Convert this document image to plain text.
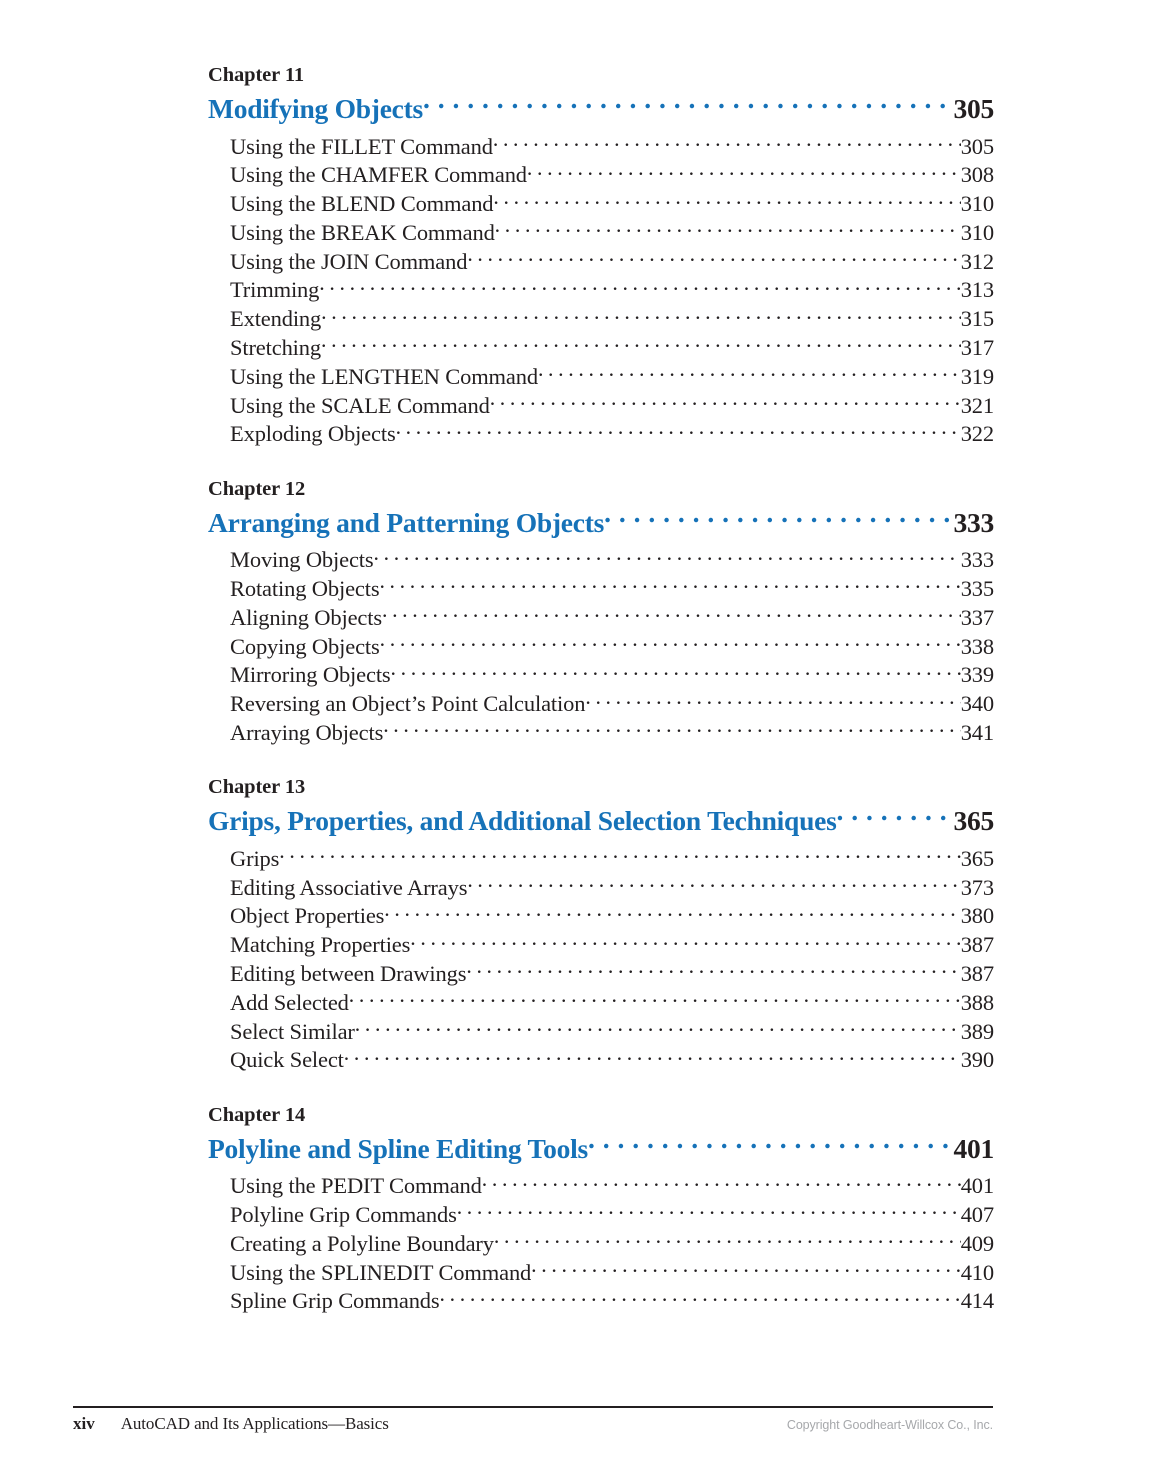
Chapter 11
Modifying Objects . . .	305
Using the FILLET Command . . .	305
Using the CHAMFER Command . . .	308
Using the BLEND Command . . .	310
Using the BREAK Command . . .	310
Using the JOIN Command . . .	312
Trimming . . .	313
Extending . . .	315
Stretching . . .	317
Using the LENGTHEN Command . . .	319
Using the SCALE Command . . .	321
Exploding Objects . . .	322
Chapter 12
Arranging and Patterning Objects . . .	333
Moving Objects . . .	333
Rotating Objects . . .	335
Aligning Objects . . .	337
Copying Objects . . .	338
Mirroring Objects . . .	339
Reversing an Object’s Point Calculation . . .	340
Arraying Objects . . .	341
Chapter 13
Grips, Properties, and Additional Selection Techniques . . .	365
Grips . . .	365
Editing Associative Arrays . . .	373
Object Properties . . .	380
Matching Properties . . .	387
Editing between Drawings . . .	387
Add Selected . . .	388
Select Similar . . .	389
Quick Select . . .	390
Chapter 14
Polyline and Spline Editing Tools . . .	401
Using the PEDIT Command . . .	401
Polyline Grip Commands . . .	407
Creating a Polyline Boundary . . .	409
Using the SPLINEDIT Command . . .	410
Spline Grip Commands . . .	414
xiv AutoCAD and Its Applications—Basics	Copyright Goodheart-Willcox Co., Inc.
